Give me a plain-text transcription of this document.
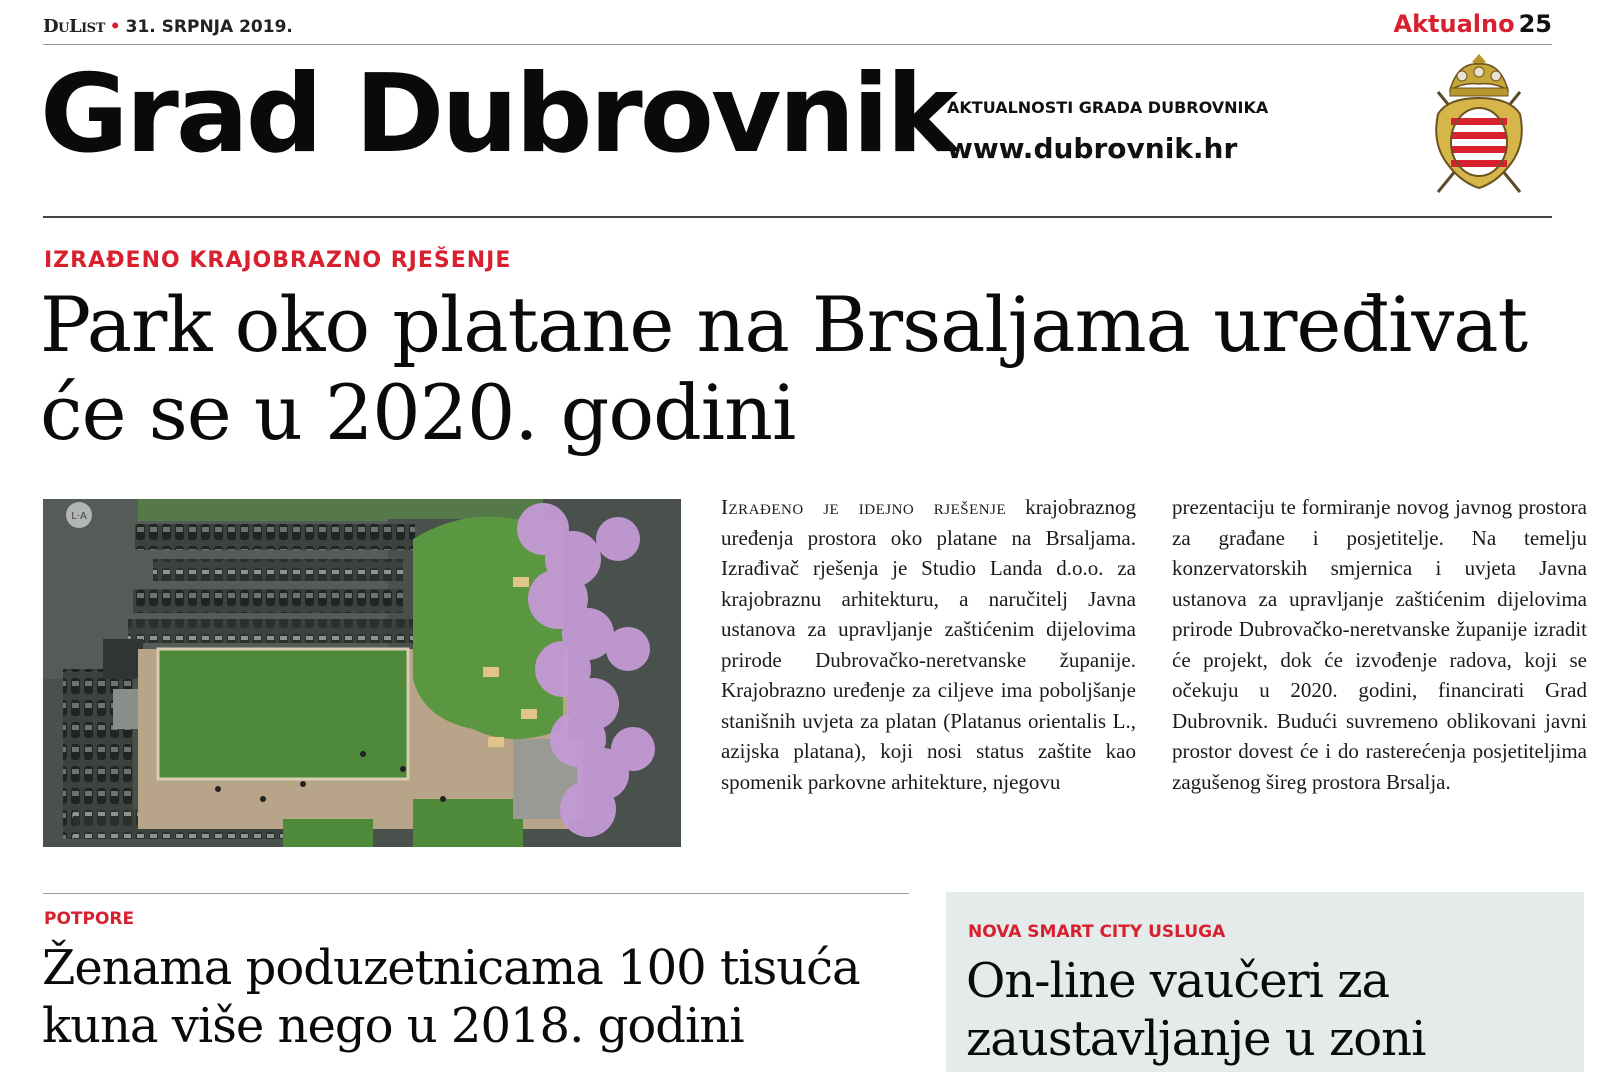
DuList • 31. SRPNJA 2019.	Aktualno 25
Grad Dubrovnik
AKTUALNOSTI GRADA DUBROVNIKA
www.dubrovnik.hr
IZRAĐENO KRAJOBRAZNO RJEŠENJE
Park oko platane na Brsaljama uređivat će se u 2020. godini
L·A	Izrađeno je idejno rješenje krajobraznog uređenja prostora oko platane na Brsaljama. Izrađivač rješenja je Studio Landa d.o.o. za krajobraznu arhitekturu, a naručitelj Javna ustanova za upravljanje zaštićenim dijelovima prirode Dubrovačko-neretvanske županije. Krajobrazno uređenje za ciljeve ima poboljšanje stanišnih uvjeta za platan (Platanus orientalis L., azijska platana), koji nosi status zaštite kao spomenik parkovne arhitekture, njegovu

prezentaciju te formiranje novog javnog prostora za građane i posjetitelje. Na temelju konzervatorskih smjernica i uvjeta Javna ustanova za upravljanje zaštićenim dijelovima prirode Dubrovačko-neretvanske županije izradit će projekt, dok će izvođenje radova, koji se očekuju u 2020. godini, financirati Grad Dubrovnik. Budući suvremeno oblikovani javni prostor dovest će i do rasterećenja posjetiteljima zagušenog šireg prostora Brsalja.

POTPORE
Ženama poduzetnicama 100 tisuća kuna više nego u 2018. godini
NOVA SMART CITY USLUGA
On-line vaučeri za zaustavljanje u zoni
